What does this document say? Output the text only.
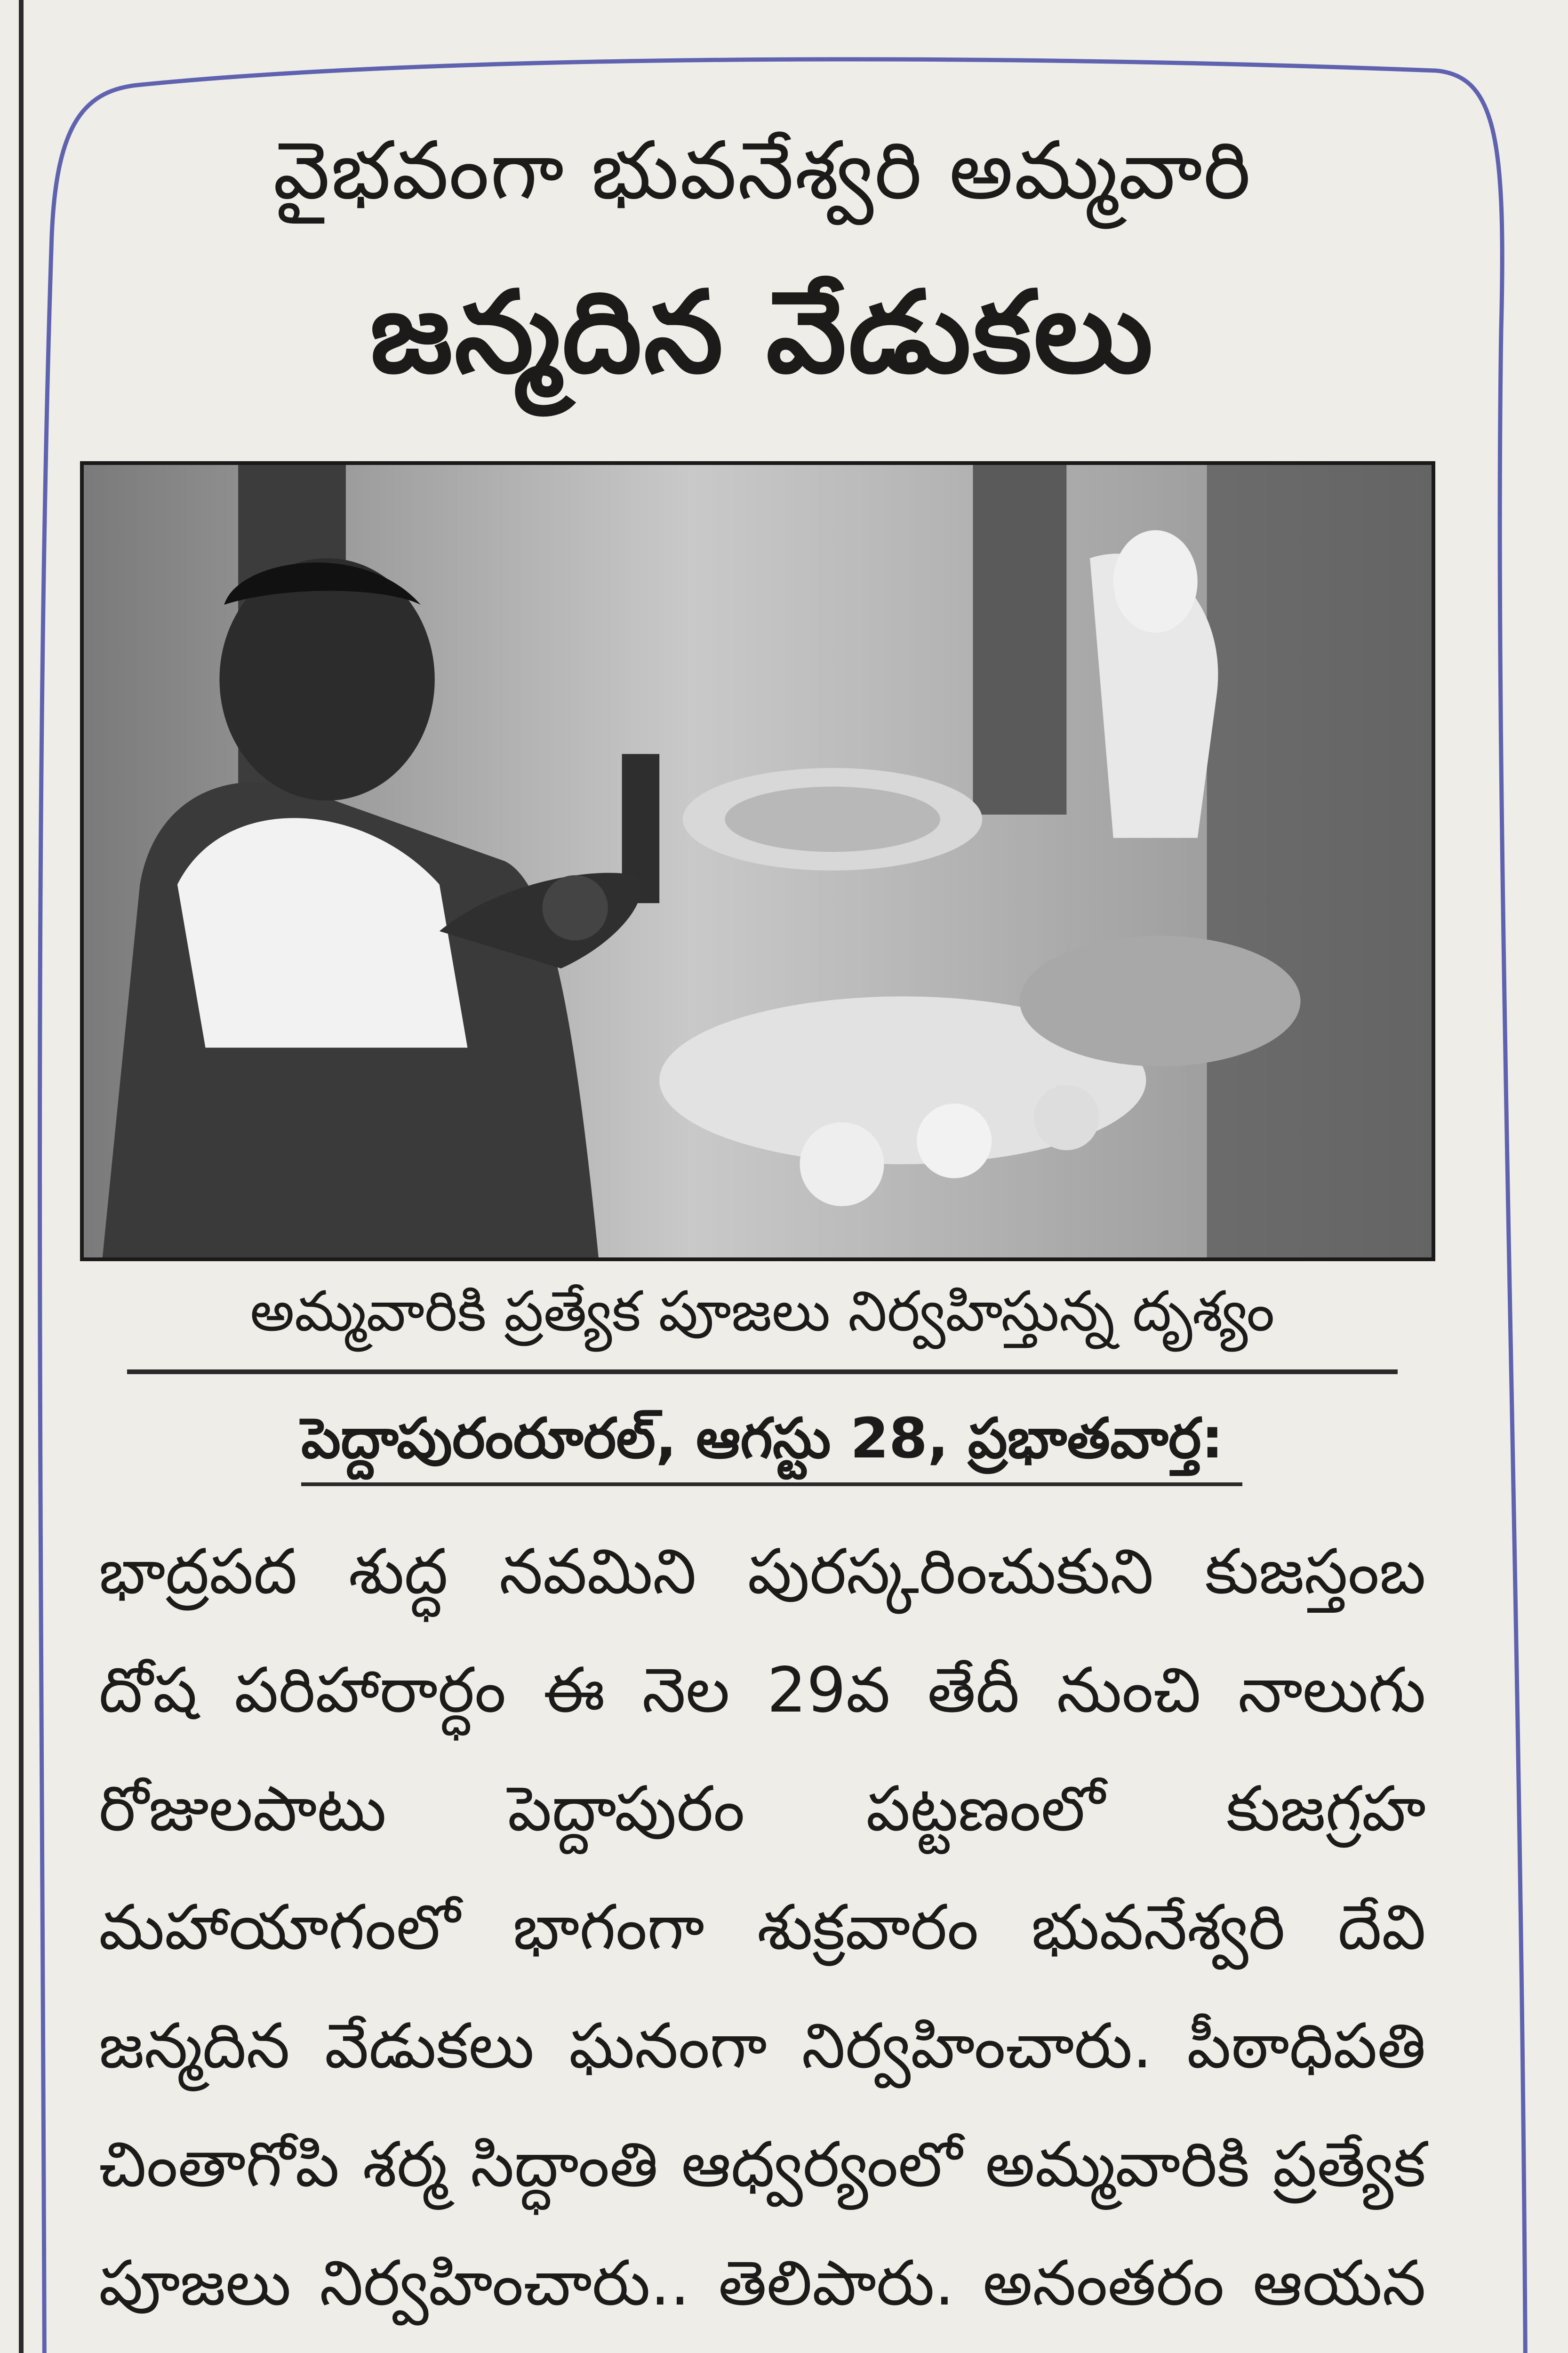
వైభవంగా భువనేశ్వరి అమ్మవారి
జన్మదిన వేడుకలు
అమ్మవారికి ప్రత్యేక పూజలు నిర్వహిస్తున్న దృశ్యం
పెద్దాపురంరూరల్, ఆగస్టు 28, ప్రభాతవార్త:
భాద్రపద శుద్ధ నవమిని పురస్కరించుకుని కుజస్తంబ
దోష పరిహారార్ధం ఈ నెల 29వ తేదీ నుంచి నాలుగు
రోజులపాటు పెద్దాపురం పట్టణంలో కుజగ్రహ
మహాయాగంలో భాగంగా శుక్రవారం భువనేశ్వరి దేవి
జన్మదిన వేడుకలు ఘనంగా నిర్వహించారు. పీఠాధిపతి
చింతాగోపి శర్మ సిద్ధాంతి ఆధ్వర్యంలో అమ్మవారికి ప్రత్యేక
పూజలు నిర్వహించారు.. తెలిపారు. అనంతరం ఆయన
